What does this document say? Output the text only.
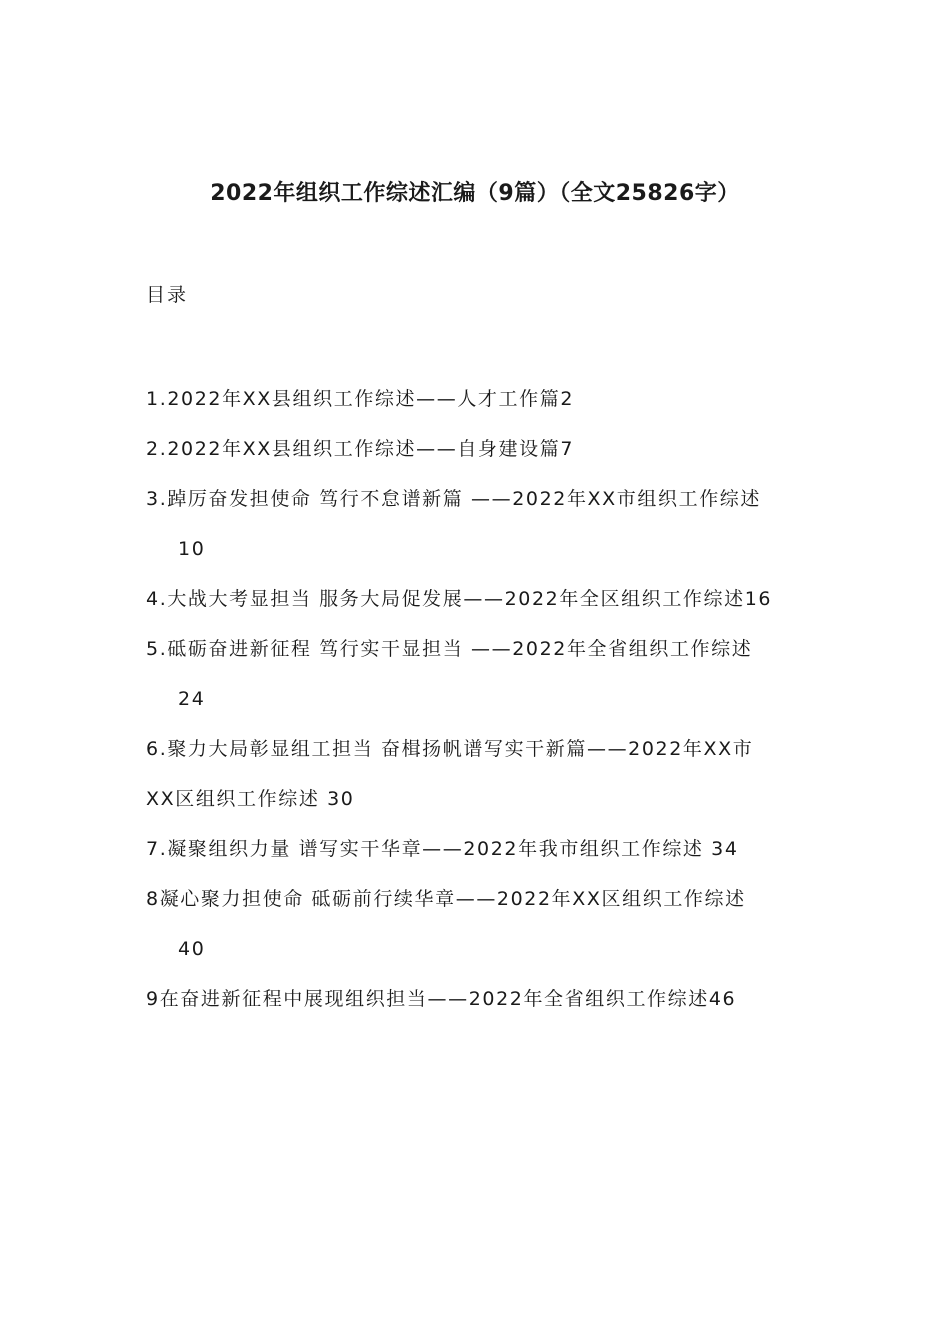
2022年组织工作综述汇编（9篇）（全文25826字）
目录
1.2022年XX县组织工作综述——人才工作篇2
2.2022年XX县组织工作综述——自身建设篇7
3.踔厉奋发担使命 笃行不怠谱新篇 ——2022年XX市组织工作综述
10
4.大战大考显担当 服务大局促发展——2022年全区组织工作综述16
5.砥砺奋进新征程 笃行实干显担当 ——2022年全省组织工作综述
24
6.聚力大局彰显组工担当 奋楫扬帆谱写实干新篇——2022年XX市
XX区组织工作综述 30
7.凝聚组织力量 谱写实干华章——2022年我市组织工作综述 34
8凝心聚力担使命 砥砺前行续华章——2022年XX区组织工作综述
40
9在奋进新征程中展现组织担当——2022年全省组织工作综述46
